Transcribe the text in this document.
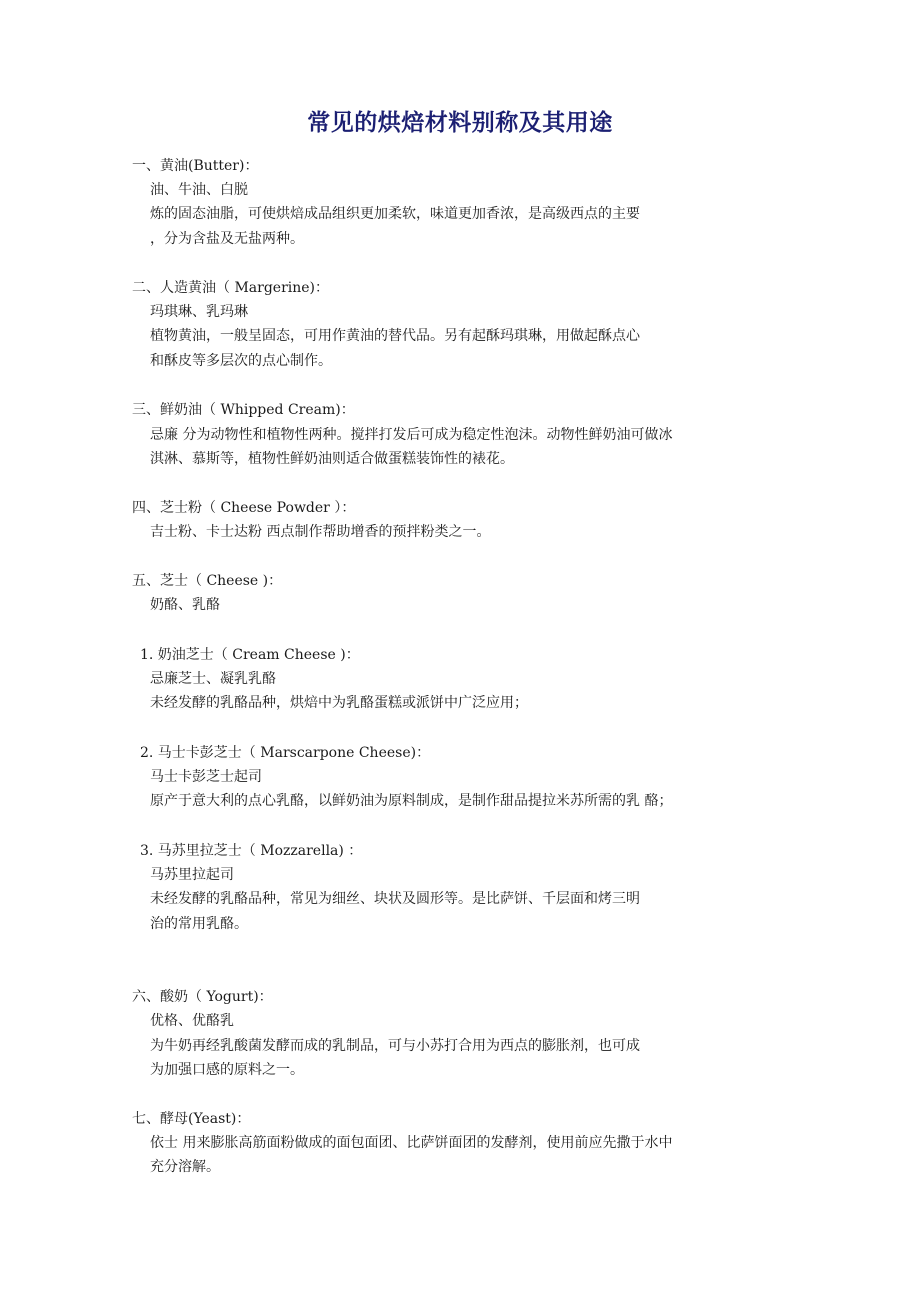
常见的烘焙材料别称及其用途
一、黄油(Butter)：
油、牛油、白脱
炼的固态油脂，可使烘焙成品组织更加柔软，味道更加香浓，是高级西点的主要
，分为含盐及无盐两种。
二、人造黄油（ Margerine)：
玛琪琳、乳玛琳
植物黄油，一般呈固态，可用作黄油的替代品。另有起酥玛琪琳，用做起酥点心
和酥皮等多层次的点心制作。
三、鲜奶油（ Whipped Cream)：
忌廉 分为动物性和植物性两种。搅拌打发后可成为稳定性泡沫。动物性鲜奶油可做冰
淇淋、慕斯等，植物性鲜奶油则适合做蛋糕装饰性的裱花。
四、芝士粉（ Cheese Powder ）：
吉士粉、卡士达粉 西点制作帮助增香的预拌粉类之一。
五、芝士（ Cheese )：
奶酪、乳酪
1. 奶油芝士（ Cream Cheese )：
忌廉芝士、凝乳乳酪
未经发酵的乳酪品种，烘焙中为乳酪蛋糕或派饼中广泛应用；
2. 马士卡彭芝士（ Marscarpone Cheese)：
马士卡彭芝士起司
原产于意大利的点心乳酪，以鲜奶油为原料制成，是制作甜品提拉米苏所需的乳 酪；
3. 马苏里拉芝士（ Mozzarella) ：
马苏里拉起司
未经发酵的乳酪品种，常见为细丝、块状及圆形等。是比萨饼、千层面和烤三明
治的常用乳酪。
六、酸奶（ Yogurt)：
优格、优酪乳
为牛奶再经乳酸菌发酵而成的乳制品，可与小苏打合用为西点的膨胀剂，也可成
为加强口感的原料之一。
七、酵母(Yeast)：
依士 用来膨胀高筋面粉做成的面包面团、比萨饼面团的发酵剂，使用前应先撒于水中
充分溶解。
